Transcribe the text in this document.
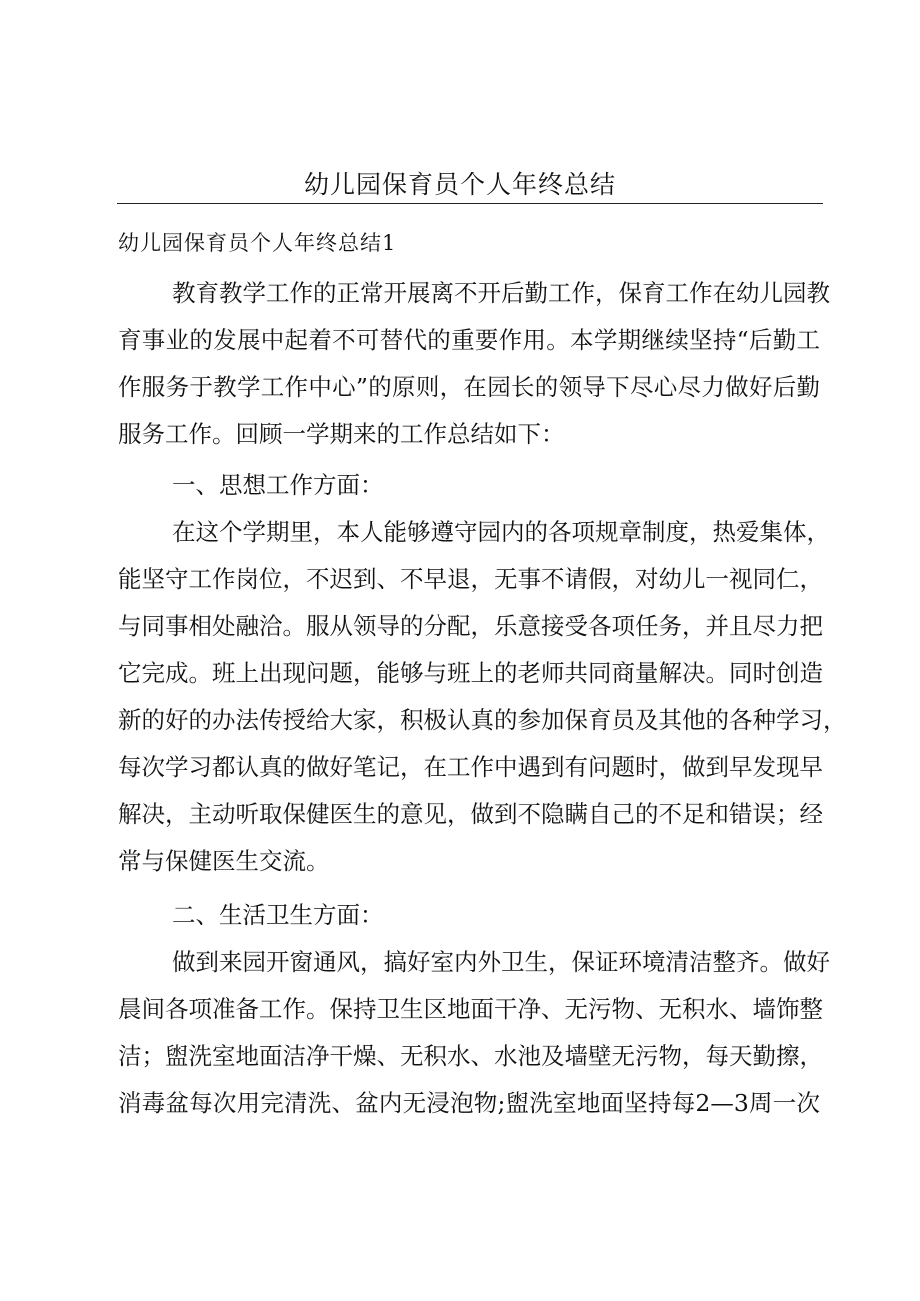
幼儿园保育员个人年终总结
幼儿园保育员个人年终总结1
教育教学工作的正常开展离不开后勤工作，保育工作在幼儿园教
育事业的发展中起着不可替代的重要作用。本学期继续坚持“后勤工
作服务于教学工作中心”的原则，在园长的领导下尽心尽力做好后勤
服务工作。回顾一学期来的工作总结如下：
一、思想工作方面：
在这个学期里，本人能够遵守园内的各项规章制度，热爱集体，
能坚守工作岗位，不迟到、不早退，无事不请假，对幼儿一视同仁，
与同事相处融洽。服从领导的分配，乐意接受各项任务，并且尽力把
它完成。班上出现问题，能够与班上的老师共同商量解决。同时创造
新的好的办法传授给大家，积极认真的参加保育员及其他的各种学习，
每次学习都认真的做好笔记，在工作中遇到有问题时，做到早发现早
解决，主动听取保健医生的意见，做到不隐瞒自己的不足和错误；经
常与保健医生交流。
二、生活卫生方面：
做到来园开窗通风，搞好室内外卫生，保证环境清洁整齐。做好
晨间各项准备工作。保持卫生区地面干净、无污物、无积水、墙饰整
洁；盥洗室地面洁净干燥、无积水、水池及墙壁无污物，每天勤擦，
消毒盆每次用完清洗、盆内无浸泡物;盥洗室地面坚持每2—3周一次
